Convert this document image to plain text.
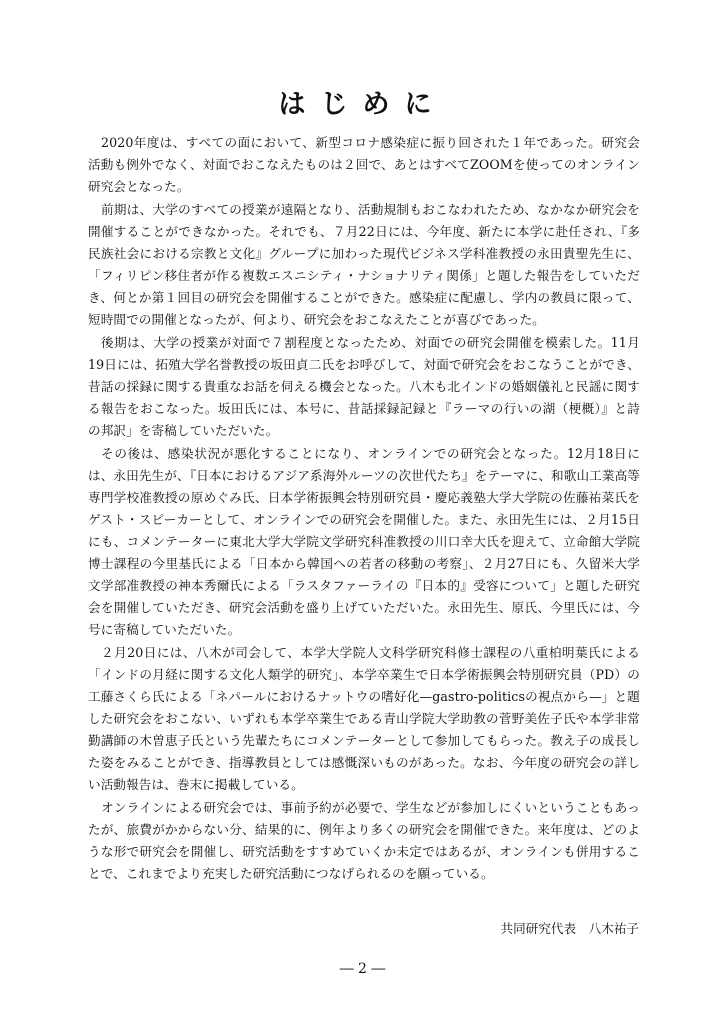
はじめに

2020年度は、すべての面において、新型コロナ感染症に振り回された１年であった。研究会活動も例外でなく、対面でおこなえたものは２回で、あとはすべてZOOMを使ってのオンライン研究会となった。

前期は、大学のすべての授業が遠隔となり、活動規制もおこなわれたため、なかなか研究会を開催することができなかった。それでも、７月22日には、今年度、新たに本学に赴任され、『多民族社会における宗教と文化』グループに加わった現代ビジネス学科准教授の永田貴聖先生に、「フィリピン移住者が作る複数エスニシティ・ナショナリティ関係」と題した報告をしていただき、何とか第１回目の研究会を開催することができた。感染症に配慮し、学内の教員に限って、短時間での開催となったが、何より、研究会をおこなえたことが喜びであった。

後期は、大学の授業が対面で７割程度となったため、対面での研究会開催を模索した。11月19日には、拓殖大学名誉教授の坂田貞二氏をお呼びして、対面で研究会をおこなうことができ、昔話の採録に関する貴重なお話を伺える機会となった。八木も北インドの婚姻儀礼と民謡に関する報告をおこなった。坂田氏には、本号に、昔話採録記録と『ラーマの行いの湖（梗概）』と詩の邦訳」を寄稿していただいた。

その後は、感染状況が悪化することになり、オンラインでの研究会となった。12月18日には、永田先生が、『日本におけるアジア系海外ルーツの次世代たち』をテーマに、和歌山工業高等専門学校准教授の原めぐみ氏、日本学術振興会特別研究員・慶応義塾大学大学院の佐藤祐菜氏をゲスト・スピーカーとして、オンラインでの研究会を開催した。また、永田先生には、２月15日にも、コメンテーターに東北大学大学院文学研究科准教授の川口幸大氏を迎えて、立命館大学院博士課程の今里基氏による「日本から韓国への若者の移動の考察」、２月27日にも、久留米大学文学部准教授の神本秀爾氏による「ラスタファーライの『日本的』受容について」と題した研究会を開催していただき、研究会活動を盛り上げていただいた。永田先生、原氏、今里氏には、今号に寄稿していただいた。

２月20日には、八木が司会して、本学大学院人文科学研究科修士課程の八重柏明葉氏による「インドの月経に関する文化人類学的研究」、本学卒業生で日本学術振興会特別研究員（PD）の工藤さくら氏による「ネパールにおけるナットウの嗜好化—gastro-politicsの視点から—」と題した研究会をおこない、いずれも本学卒業生である青山学院大学助教の菅野美佐子氏や本学非常勤講師の木曽恵子氏という先輩たちにコメンテーターとして参加してもらった。教え子の成長した姿をみることができ、指導教員としては感慨深いものがあった。なお、今年度の研究会の詳しい活動報告は、巻末に掲載している。

オンラインによる研究会では、事前予約が必要で、学生などが参加しにくいということもあったが、旅費がかからない分、結果的に、例年より多くの研究会を開催できた。来年度は、どのような形で研究会を開催し、研究活動をすすめていくか未定ではあるが、オンラインも併用することで、これまでより充実した研究活動につなげられるのを願っている。

共同研究代表　八木祐子
― 2 ―
